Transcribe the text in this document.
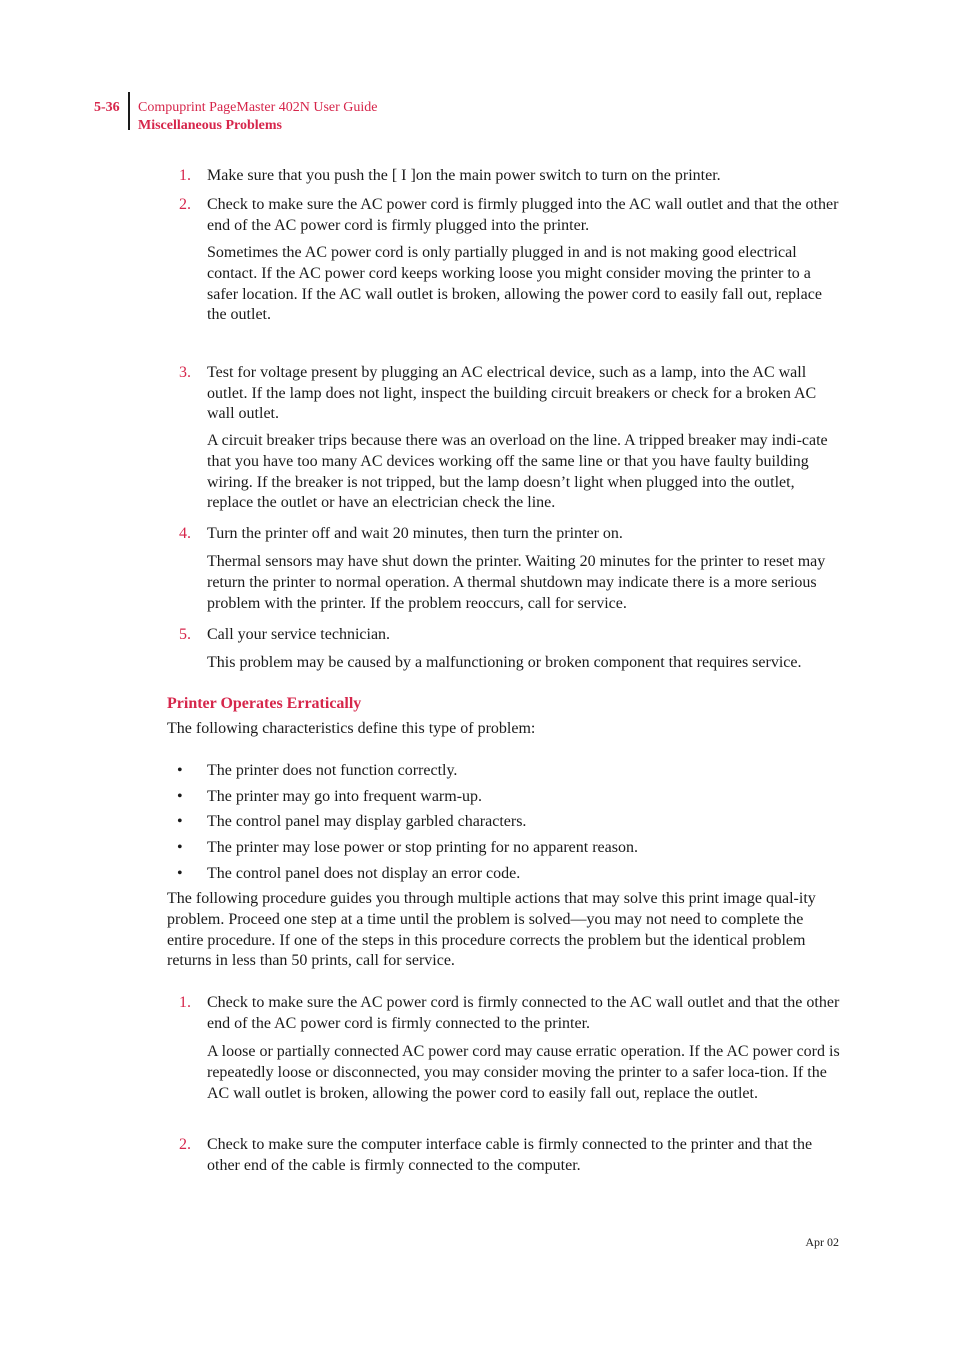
5-36	Compuprint PageMaster 402N User Guide
Miscellaneous Problems
1.	Make sure that you push the [ I ]on the main power switch to turn on the printer.
2.	Check to make sure the AC power cord is firmly plugged into the AC wall outlet and that the other end of the AC power cord is firmly plugged into the printer.
Sometimes the AC power cord is only partially plugged in and is not making good electrical contact. If the AC power cord keeps working loose you might consider moving the printer to a safer location. If the AC wall outlet is broken, allowing the power cord to easily fall out, replace the outlet.
3.	Test for voltage present by plugging an AC electrical device, such as a lamp, into the AC wall outlet. If the lamp does not light, inspect the building circuit breakers or check for a broken AC wall outlet.
A circuit breaker trips because there was an overload on the line. A tripped breaker may indi-cate that you have too many AC devices working off the same line or that you have faulty building wiring. If the breaker is not tripped, but the lamp doesn’t light when plugged into the outlet, replace the outlet or have an electrician check the line.
4.	Turn the printer off and wait 20 minutes, then turn the printer on.
Thermal sensors may have shut down the printer. Waiting 20 minutes for the printer to reset may return the printer to normal operation. A thermal shutdown may indicate there is a more serious problem with the printer. If the problem reoccurs, call for service.
5.	Call your service technician.
This problem may be caused by a malfunctioning or broken component that requires service.
Printer Operates Erratically
The following characteristics define this type of problem:
• The printer does not function correctly.
• The printer may go into frequent warm-up.
• The control panel may display garbled characters.
• The printer may lose power or stop printing for no apparent reason.
• The control panel does not display an error code.
The following procedure guides you through multiple actions that may solve this print image qual-ity problem. Proceed one step at a time until the problem is solved—you may not need to complete the entire procedure. If one of the steps in this procedure corrects the problem but the identical problem returns in less than 50 prints, call for service.
1.	Check to make sure the AC power cord is firmly connected to the AC wall outlet and that the other end of the AC power cord is firmly connected to the printer.
A loose or partially connected AC power cord may cause erratic operation. If the AC power cord is repeatedly loose or disconnected, you may consider moving the printer to a safer loca-tion. If the AC wall outlet is broken, allowing the power cord to easily fall out, replace the outlet.
2.	Check to make sure the computer interface cable is firmly connected to the printer and that the other end of the cable is firmly connected to the computer.
Apr 02
